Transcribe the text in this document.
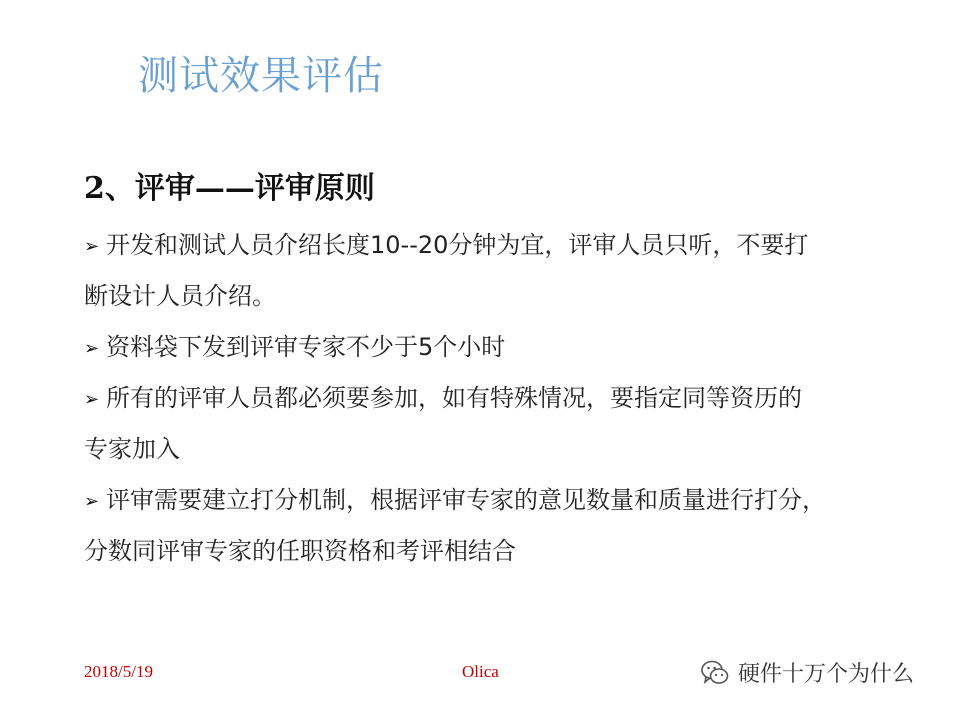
测试效果评估
2、评审——评审原则
➢ 开发和测试人员介绍长度10--20分钟为宜，评审人员只听，不要打
断设计人员介绍。
➢ 资料袋下发到评审专家不少于5个小时
➢ 所有的评审人员都必须要参加，如有特殊情况，要指定同等资历的
专家加入
➢ 评审需要建立打分机制，根据评审专家的意见数量和质量进行打分，
分数同评审专家的任职资格和考评相结合
2018/5/19	Olica	硬件十万个为什么
